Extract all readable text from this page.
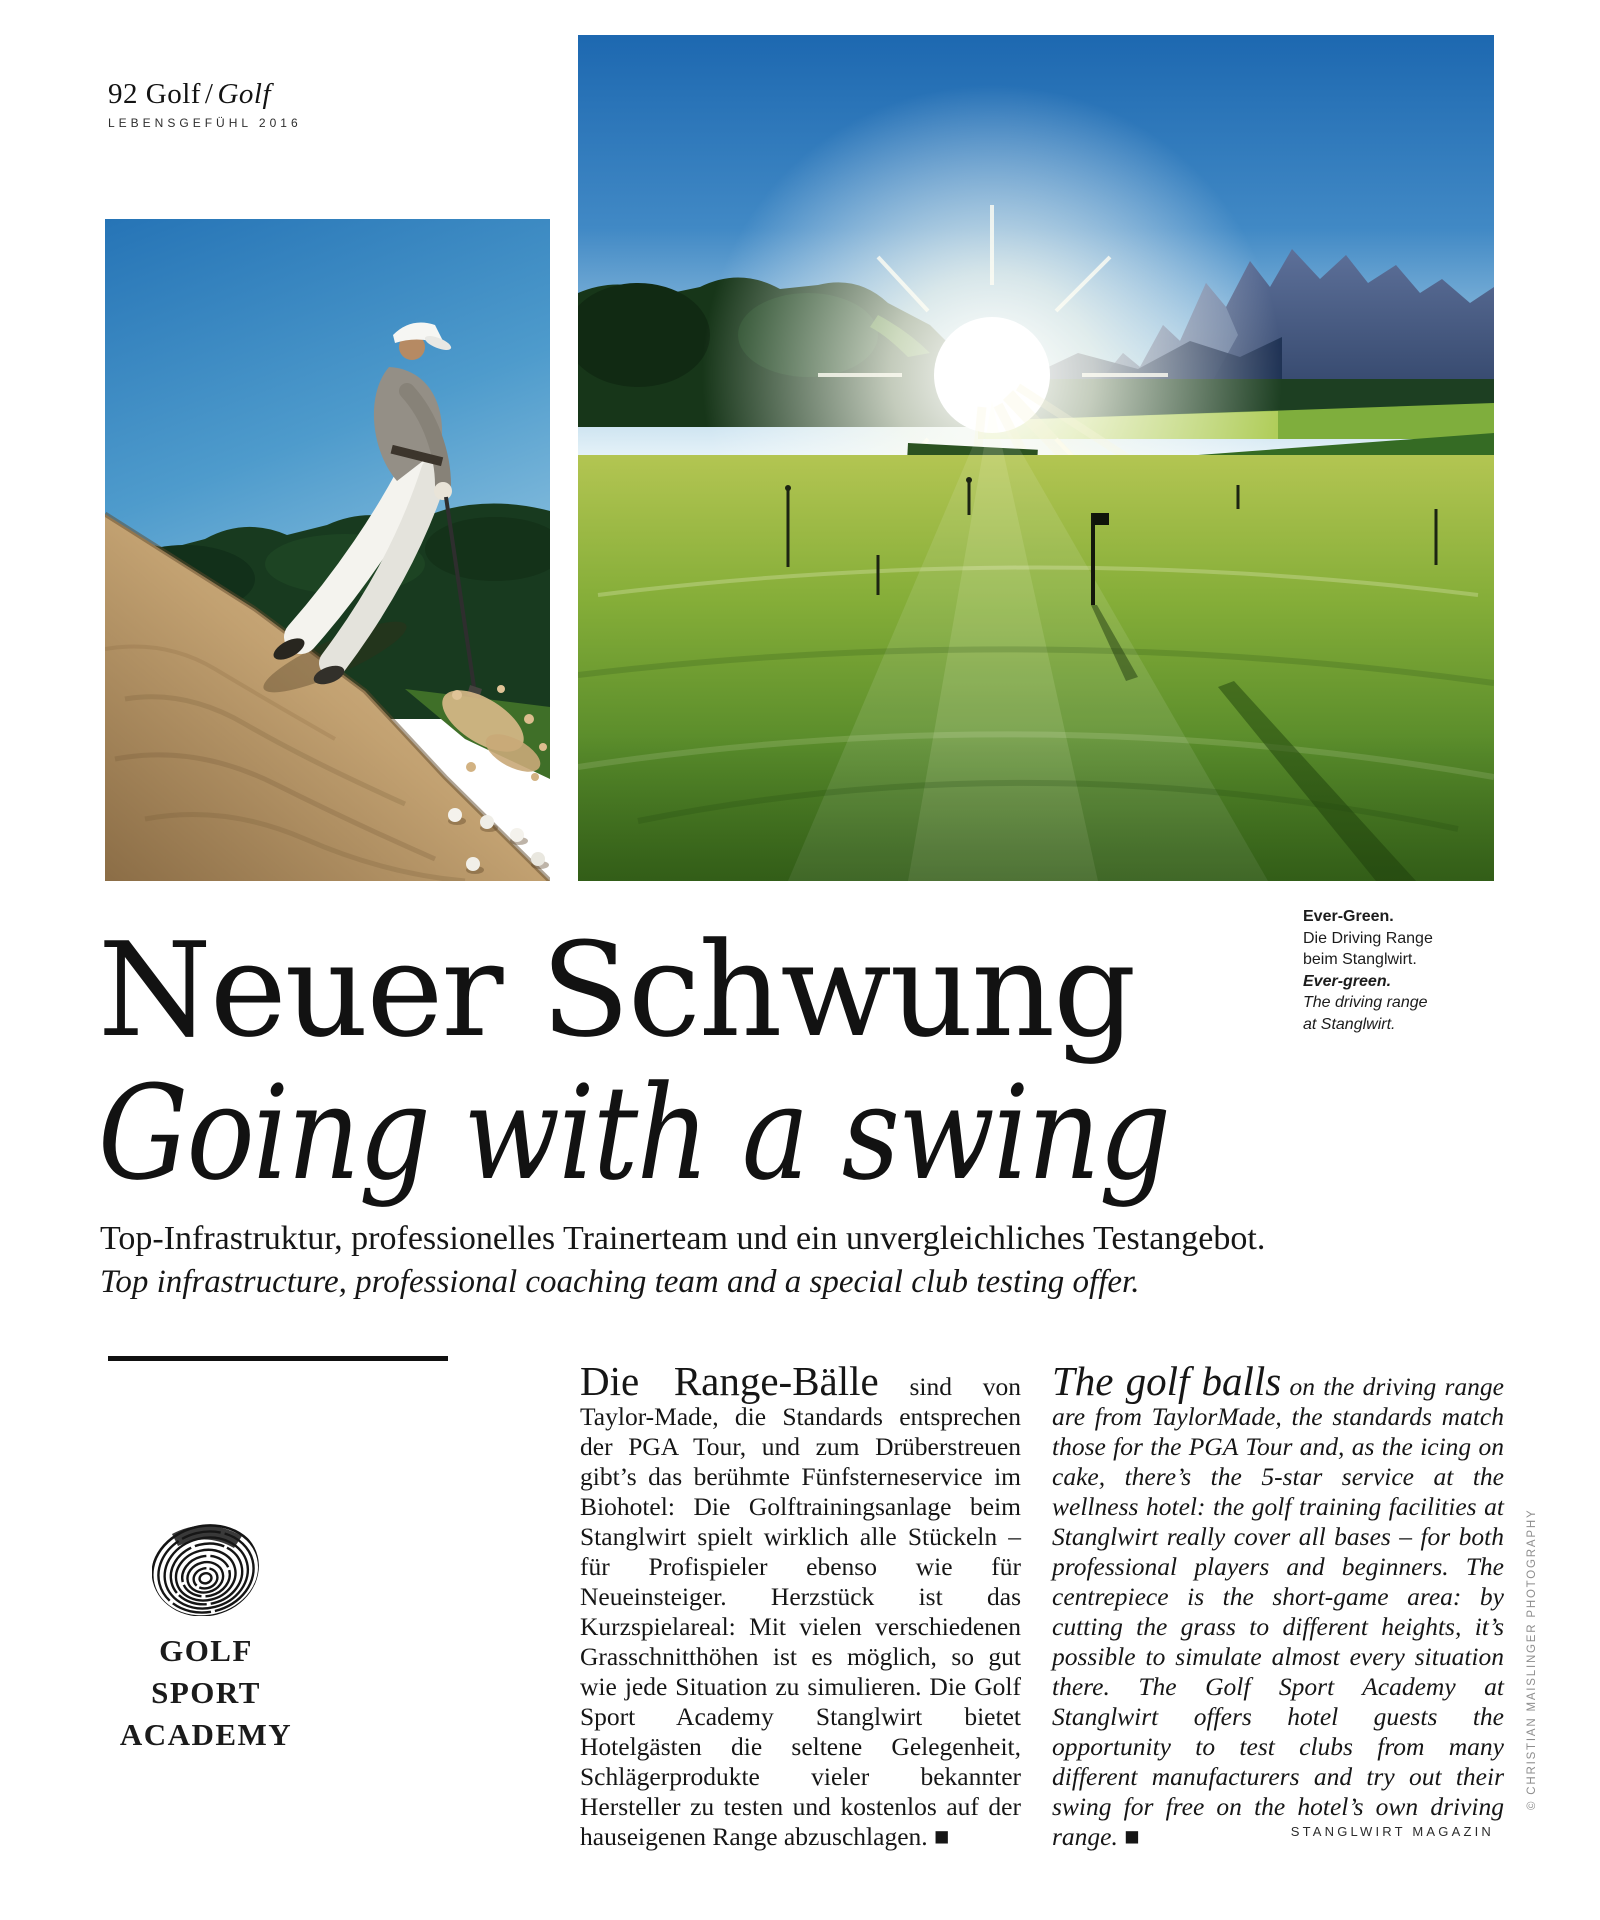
92 Golf / Golf
LEBENSGEFÜHL 2016
Ever-Green.
Die Driving Range
beim Stanglwirt.
Ever-green.
The driving range
at Stanglwirt.
Neuer Schwung
Going with a swing
Top-Infrastruktur, professionelles Trainerteam und ein unvergleichliches Testangebot.
Top infrastructure, professional coaching team and a special club testing offer.
GOLF
SPORT
ACADEMY

Die Range-Bälle sind von Taylor-Made, die Standards entsprechen der PGA Tour, und zum Drüberstreuen gibt’s das berühmte Fünfsterneservice im Biohotel: Die Golftrainingsanlage beim Stanglwirt spielt wirklich alle Stückeln – für Profispieler ebenso wie für Neueinsteiger. Herzstück ist das Kurzspielareal: Mit vielen verschiedenen Grasschnitthöhen ist es möglich, so gut wie jede Situation zu simulieren. Die Golf Sport Academy Stanglwirt bietet Hotelgästen die seltene Gelegenheit, Schlägerprodukte vieler bekannter Hersteller zu testen und kostenlos auf der hauseigenen Range abzuschlagen. ■

The golf balls on the driving range are from TaylorMade, the standards match those for the PGA Tour and, as the icing on cake, there’s the 5-star service at the wellness hotel: the golf training facilities at Stanglwirt really cover all bases – for both professional players and beginners. The centrepiece is the short-game area: by cutting the grass to different heights, it’s possible to simulate almost every situation there. The Golf Sport Academy at Stanglwirt offers hotel guests the opportunity to test clubs from many different manufacturers and try out their swing for free on the hotel’s own driving range. ■

© CHRISTIAN MAISLINGER PHOTOGRAPHY
STANGLWIRT MAGAZIN
